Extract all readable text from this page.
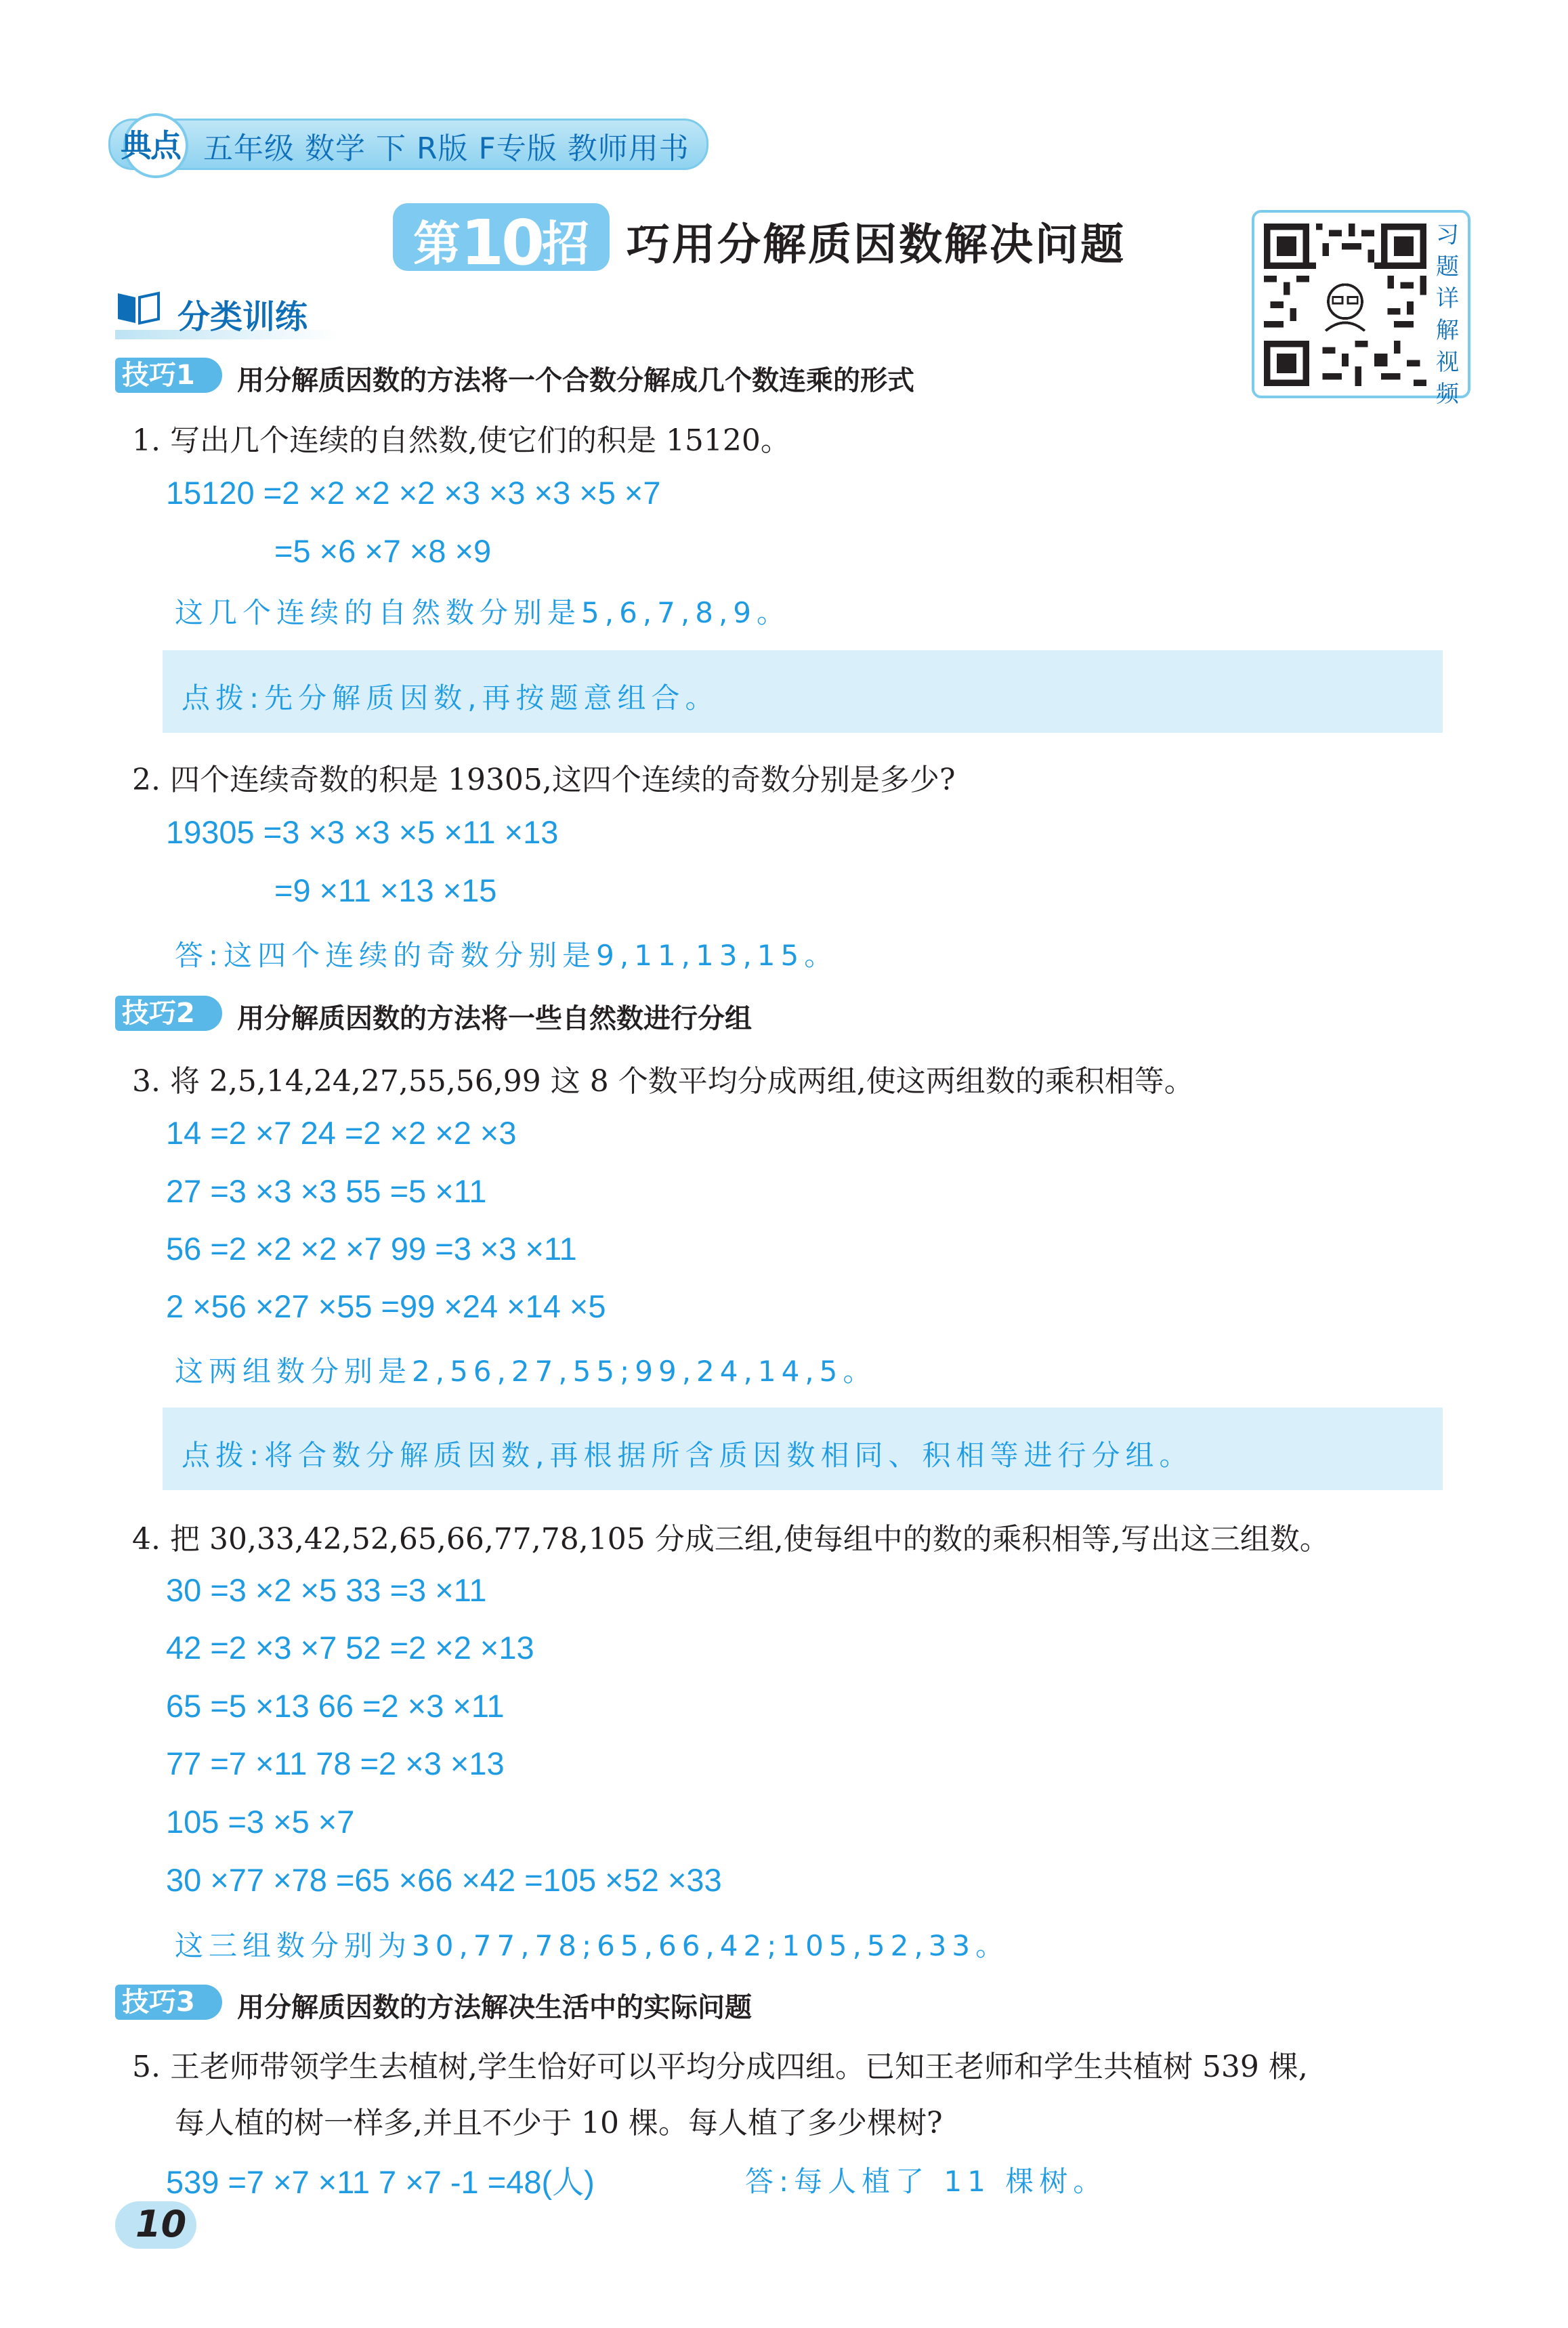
典
点 五年级 数学 下 R版 F专版 教师用书
第10招 巧用分解质因数解决问题	习
题
详
解
视
频
分类训练
技巧1	用分解质因数的方法将一个合数分解成几个数连乘的形式
1. 写出几个连续的自然数,使它们的积是 15120。
15120 =2 ×2 ×2 ×2 ×3 ×3 ×3 ×5 ×7
=5 ×6 ×7 ×8 ×9
这几个连续的自然数分别是5,6,7,8,9。
点拨:先分解质因数,再按题意组合。
2. 四个连续奇数的积是 19305,这四个连续的奇数分别是多少?
19305 =3 ×3 ×3 ×5 ×11 ×13
=9 ×11 ×13 ×15
答:这四个连续的奇数分别是9,11,13,15。
技巧2	用分解质因数的方法将一些自然数进行分组
3. 将 2,5,14,24,27,55,56,99 这 8 个数平均分成两组,使这两组数的乘积相等。
14 =2 ×7 24 =2 ×2 ×2 ×3
27 =3 ×3 ×3 55 =5 ×11
56 =2 ×2 ×2 ×7 99 =3 ×3 ×11
2 ×56 ×27 ×55 =99 ×24 ×14 ×5
这两组数分别是2,56,27,55;99,24,14,5。
点拨:将合数分解质因数,再根据所含质因数相同、积相等进行分组。
4. 把 30,33,42,52,65,66,77,78,105 分成三组,使每组中的数的乘积相等,写出这三组数。
30 =3 ×2 ×5 33 =3 ×11
42 =2 ×3 ×7 52 =2 ×2 ×13
65 =5 ×13 66 =2 ×3 ×11
77 =7 ×11 78 =2 ×3 ×13
105 =3 ×5 ×7
30 ×77 ×78 =65 ×66 ×42 =105 ×52 ×33
这三组数分别为30,77,78;65,66,42;105,52,33。
技巧3	用分解质因数的方法解决生活中的实际问题
5. 王老师带领学生去植树,学生恰好可以平均分成四组。已知王老师和学生共植树 539 棵,
每人植的树一样多,并且不少于 10 棵。每人植了多少棵树?
539 =7 ×7 ×11 7 ×7 -1 =48(人)	答:每人植了 11 棵树。
10
